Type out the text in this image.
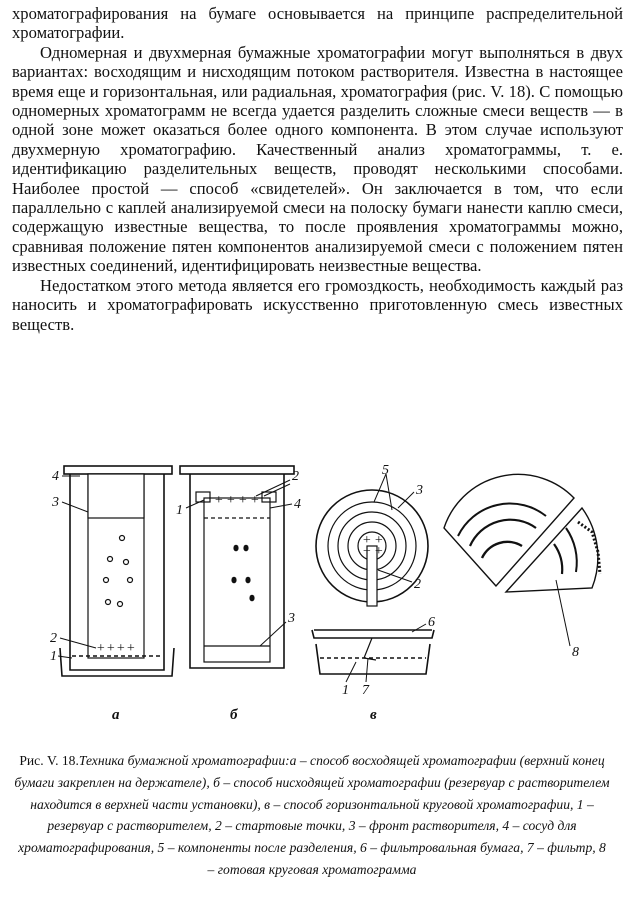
хроматографирования на бумаге основывается на принципе распределительной хроматографии.

Одномерная и двухмерная бумажные хроматографии могут выполняться в двух вариантах: восходящим и нисходящим потоком растворителя. Известна в настоящее время еще и горизонтальная, или радиальная, хроматография (рис. V. 18). С помощью одномерных хроматограмм не всегда удается разделить сложные смеси веществ — в одной зоне может оказаться более одного компонента. В этом случае используют двухмерную хроматографию. Качественный анализ хроматограммы, т. е. идентификацию разделительных веществ, проводят несколькими способами. Наиболее простой — способ «свидетелей». Он заключается в том, что если параллельно с каплей анализируемой смеси на полоску бумаги нанести каплю смеси, содержащую известные вещества, то после проявления хроматограммы можно, сравнивая положение пятен компонентов анализируемой смеси с положением пятен известных соединений, идентифицировать неизвестные вещества.

Недостатком этого метода является его громоздкость, необходимость каждый раз наносить и хроматографировать искусственно приготовленную смесь известных веществ.

+ + + +
4
3
2
1
а
+ + + +
2
1	4
3
б
+ +
+ +
5
3
2
6
1 7
8
в

Рис. V. 18.Техника бумажной хроматографии:а – способ восходящей хроматографии (верхний конец бумаги закреплен на держателе), б – способ нисходящей хроматографии (резервуар с растворителем находится в верхней части установки), в – способ горизонтальной круговой хроматографии, 1 – резервуар с растворителем, 2 – стартовые точки, 3 – фронт растворителя, 4 – сосуд для хроматографирования, 5 – компоненты после разделения, 6 – фильтровальная бумага, 7 – фильтр, 8 – готовая круговая хроматограмма
